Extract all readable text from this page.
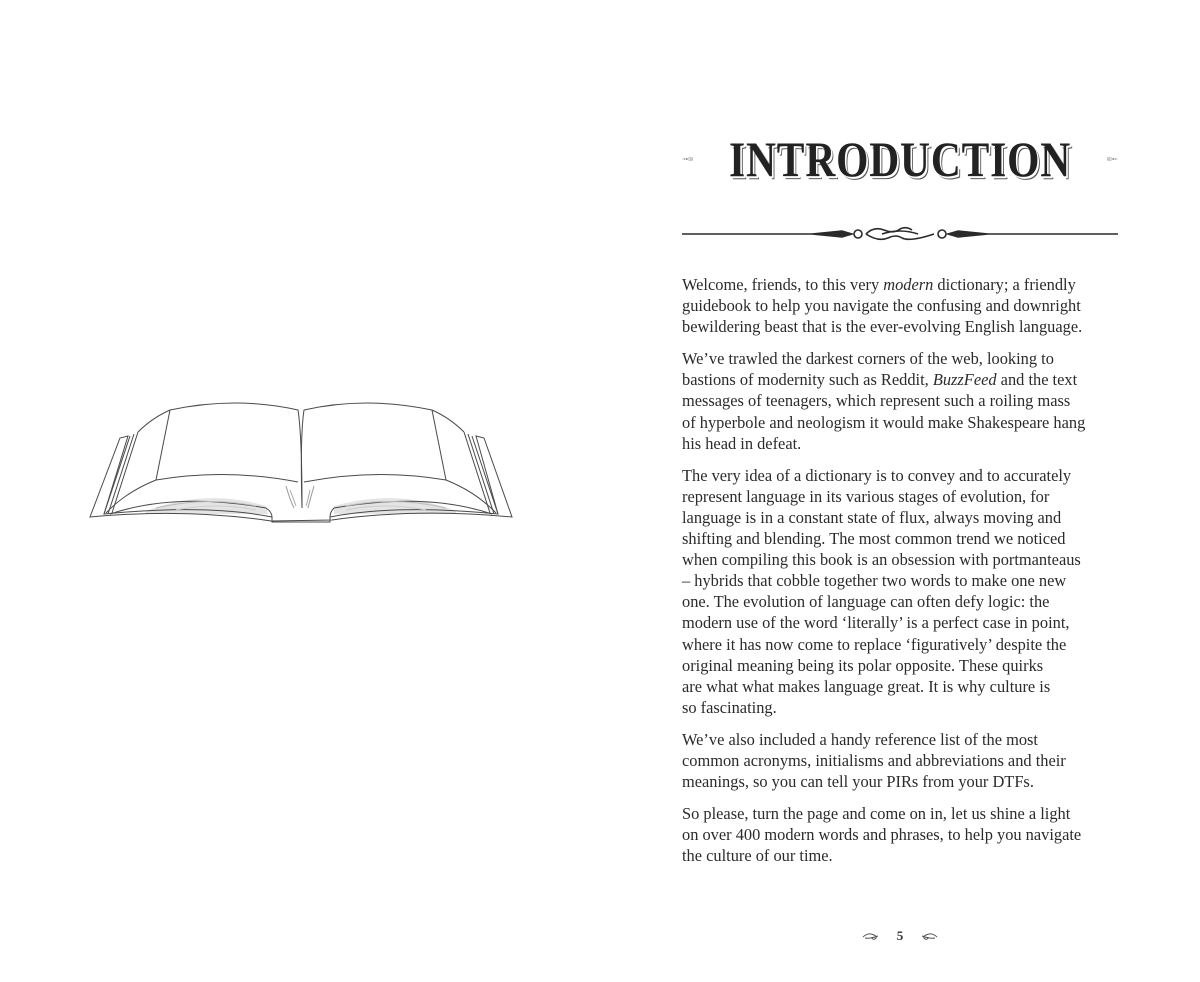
INTRODUCTION

Welcome, friends, to this very modern dictionary; a friendly
guidebook to help you navigate the confusing and downright
bewildering beast that is the ever-evolving English language.

We’ve trawled the darkest corners of the web, looking to
bastions of modernity such as Reddit, BuzzFeed and the text
messages of teenagers, which represent such a roiling mass
of hyperbole and neologism it would make Shakespeare hang
his head in defeat.

The very idea of a dictionary is to convey and to accurately
represent language in its various stages of evolution, for
language is in a constant state of flux, always moving and
shifting and blending. The most common trend we noticed
when compiling this book is an obsession with portmanteaus
– hybrids that cobble together two words to make one new
one. The evolution of language can often defy logic: the
modern use of the word ‘literally’ is a perfect case in point,
where it has now come to replace ‘figuratively’ despite the
original meaning being its polar opposite. These quirks
are what what makes language great. It is why culture is
so fascinating.

We’ve also included a handy reference list of the most
common acronyms, initialisms and abbreviations and their
meanings, so you can tell your PIRs from your DTFs.

So please, turn the page and come on in, let us shine a light
on over 400 modern words and phrases, to help you navigate
the culture of our time.

5
